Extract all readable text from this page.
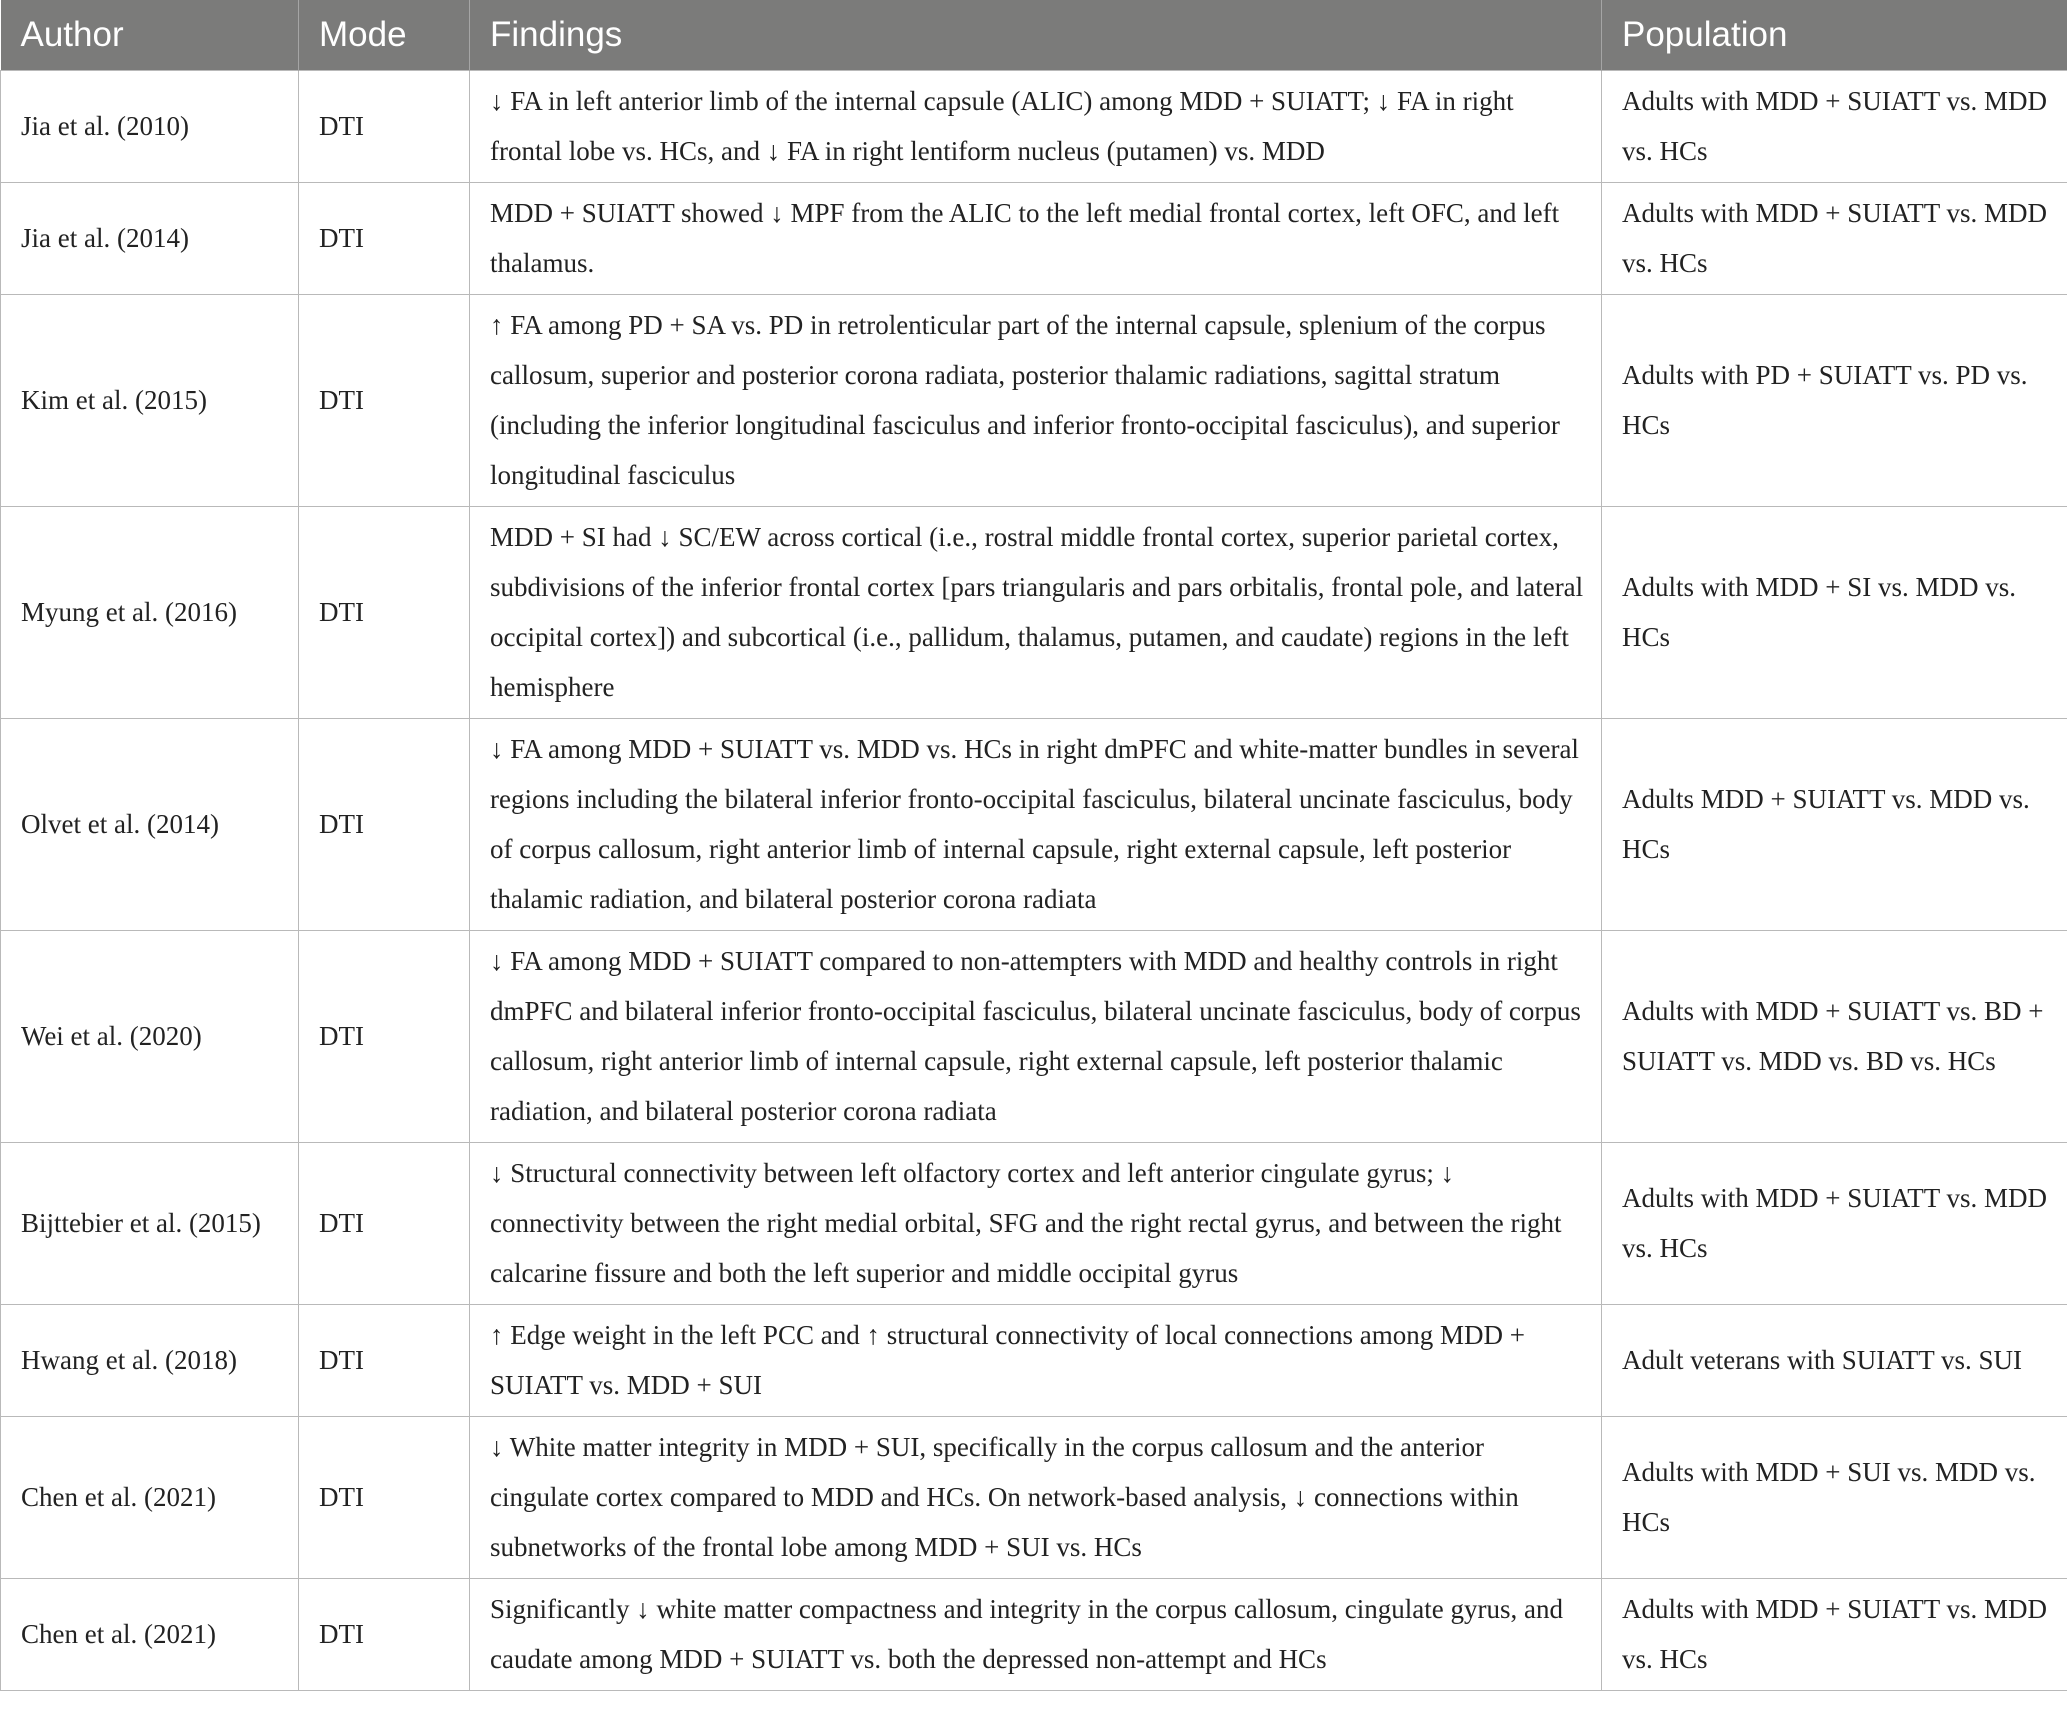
Author	Mode	Findings	Population
Jia et al. (2010)	DTI	↓ FA in left anterior limb of the internal capsule (ALIC) among MDD + SUIATT; ↓ FA in right frontal lobe vs. HCs, and ↓ FA in right lentiform nucleus (putamen) vs. MDD	Adults with MDD + SUIATT vs. MDD vs. HCs
Jia et al. (2014)	DTI	MDD + SUIATT showed ↓ MPF from the ALIC to the left medial frontal cortex, left OFC, and left thalamus.	Adults with MDD + SUIATT vs. MDD vs. HCs
Kim et al. (2015)	DTI	↑ FA among PD + SA vs. PD in retrolenticular part of the internal capsule, splenium of the corpus callosum, superior and posterior corona radiata, posterior thalamic radiations, sagittal stratum (including the inferior longitudinal fasciculus and inferior fronto-occipital fasciculus), and superior longitudinal fasciculus	Adults with PD + SUIATT vs. PD vs. HCs
Myung et al. (2016)	DTI	MDD + SI had ↓ SC/EW across cortical (i.e., rostral middle frontal cortex, superior parietal cortex, subdivisions of the inferior frontal cortex [pars triangularis and pars orbitalis, frontal pole, and lateral occipital cortex]) and subcortical (i.e., pallidum, thalamus, putamen, and caudate) regions in the left hemisphere	Adults with MDD + SI vs. MDD vs. HCs
Olvet et al. (2014)	DTI	↓ FA among MDD + SUIATT vs. MDD vs. HCs in right dmPFC and white-matter bundles in several regions including the bilateral inferior fronto-occipital fasciculus, bilateral uncinate fasciculus, body of corpus callosum, right anterior limb of internal capsule, right external capsule, left posterior thalamic radiation, and bilateral posterior corona radiata	Adults MDD + SUIATT vs. MDD vs. HCs
Wei et al. (2020)	DTI	↓ FA among MDD + SUIATT compared to non-attempters with MDD and healthy controls in right dmPFC and bilateral inferior fronto-occipital fasciculus, bilateral uncinate fasciculus, body of corpus callosum, right anterior limb of internal capsule, right external capsule, left posterior thalamic radiation, and bilateral posterior corona radiata	Adults with MDD + SUIATT vs. BD + SUIATT vs. MDD vs. BD vs. HCs
Bijttebier et al. (2015)	DTI	↓ Structural connectivity between left olfactory cortex and left anterior cingulate gyrus; ↓ connectivity between the right medial orbital, SFG and the right rectal gyrus, and between the right calcarine fissure and both the left superior and middle occipital gyrus	Adults with MDD + SUIATT vs. MDD vs. HCs
Hwang et al. (2018)	DTI	↑ Edge weight in the left PCC and ↑ structural connectivity of local connections among MDD + SUIATT vs. MDD + SUI	Adult veterans with SUIATT vs. SUI
Chen et al. (2021)	DTI	↓ White matter integrity in MDD + SUI, specifically in the corpus callosum and the anterior cingulate cortex compared to MDD and HCs. On network-based analysis, ↓ connections within subnetworks of the frontal lobe among MDD + SUI vs. HCs	Adults with MDD + SUI vs. MDD vs. HCs
Chen et al. (2021)	DTI	Significantly ↓ white matter compactness and integrity in the corpus callosum, cingulate gyrus, and caudate among MDD + SUIATT vs. both the depressed non-attempt and HCs	Adults with MDD + SUIATT vs. MDD vs. HCs
